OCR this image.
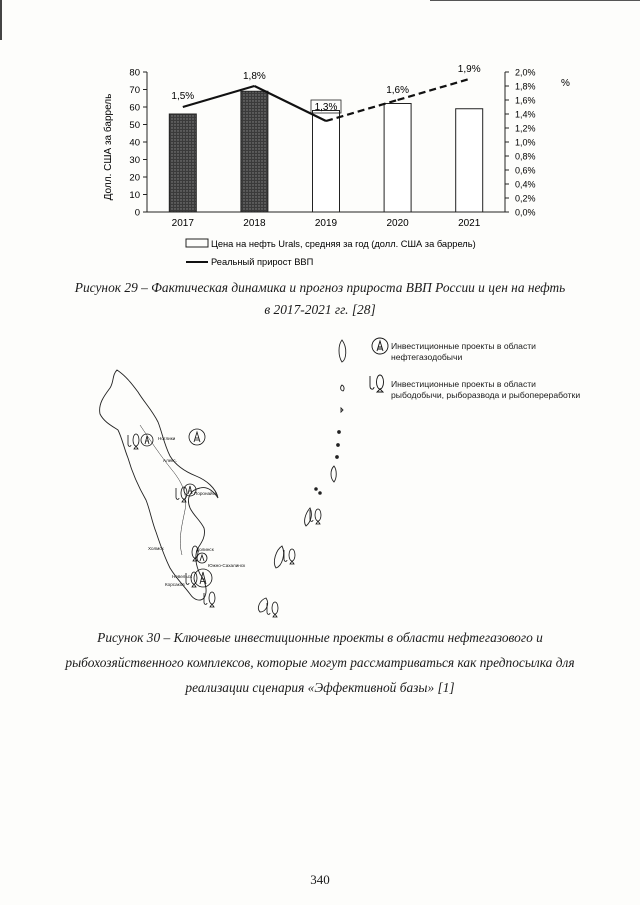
0
10
20
30
40
50
60
70
80
0,0%
0,2%
0,4%
0,6%
0,8%
1,0%
1,2%
1,4%
1,6%
1,8%
2,0%
2017	2018	2019	2020	2021
1,5%
1,8%
1,3%
1,6%
1,9%
Долл. США за баррель
%
Цена на нефть Urals, средняя за год (долл. США за баррель)
Реальный прирост ВВП
Рисунок 29 – Фактическая динамика и прогноз прироста ВВП России и цен на нефть
в 2017-2021 гг. [28]
Ноглики
Алекс.
Поронайск
Холмск	Долинск
Южно-Сахалинск
Невельск
Корсаков
Инвестиционные проекты в области нефтегазодобычи
Инвестиционные проекты в области рыбодобычи, рыборазвода и рыбопереработки
Рисунок 30 – Ключевые инвестиционные проекты в области нефтегазового и
рыбохозяйственного комплексов, которые могут рассматриваться как предпосылка для
реализации сценария «Эффективной базы» [1]
340
